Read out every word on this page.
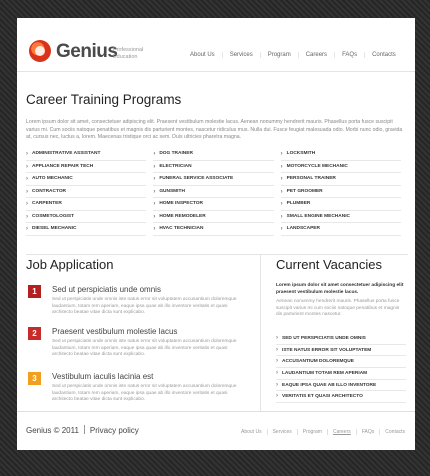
Genius
Professional Education	About Us	Services	Program	Careers	FAQs	Contacts
Career Training Programs

Lorem ipsum dolor sit amet, consectetuer adipiscing elit. Praesent vestibulum molestie lacus. Aenean nonummy hendrerit mauris. Phasellus porta fusce suscipit varius mi. Cum sociis natoque penatibus et magnis dis parturient montes, nascetur ridiculus mus. Nulla dui. Fusce feugiat malesuada odio. Morbi nunc odio, gravida at, cursus nec, luctus a, lorem. Maecenas tristique orci ac sem. Duis ultricies pharetra magna.

› ADMINISTRATIVE ASSISTANT
› APPLIANCE REPAIR TECH
› AUTO MECHANIC
› CONTRACTOR
› CARPENTER
› COSMETOLOGIST
› DIESEL MECHANIC
› DOG TRAINER
› ELECTRICIAN
› FUNERAL SERVICE ASSOCIATE
› GUNSMITH
› HOME INSPECTOR
› HOME REMODELER
› HVAC TECHNICIAN
› LOCKSMITH
› MOTORCYCLE MECHANIC
› PERSONAL TRAINER
› PET GROOMER
› PLUMBER
› SMALL ENGINE MECHANIC
› LANDSCAPER
Job Application
1	Sed ut perspiciatis unde omnis
Sed ut perspiciatis unde omnis iste natus error sit voluptatem accusantium doloremque laudantium, totam rem aperiam, eaque ipsa quae ab illo inventore veritatis et quasi architecto beatae vitae dicta sunt explicabo.
2	Praesent vestibulum molestie lacus
Sed ut perspiciatis unde omnis iste natus error sit voluptatem accusantium doloremque laudantium, totam rem aperiam, eaque ipsa quae ab illo inventore veritatis et quasi architecto beatae vitae dicta sunt explicabo.
3	Vestibulum iaculis lacinia est
Sed ut perspiciatis unde omnis iste natus error sit voluptatem accusantium doloremque laudantium, totam rem aperiam, eaque ipsa quae ab illo inventore veritatis et quasi architecto beatae vitae dicta sunt explicabo.
Current Vacancies

Lorem ipsum dolor sit amet consectetuer adipiscing elit praesent vestibulum molestie lacus.

Aenean nonummy hendrerit mauris. Phasellus porta fusce suscipit varius mi cum sociis natoque penatibus et magnis dis parturient montes nascetur.

› SED UT PERSPICIATIS UNDE OMNIS
› ISTE NATUS ERROR SIT VOLUPTATEM
› ACCUSANTIUM DOLOREMQUE
› LAUDANTIUM TOTAM REM APERIAM
› EAQUE IPSA QUAE AB ILLO INVENTORE
› VERITATIS ET QUASI ARCHITECTO
Genius © 2011 Privacy policy	About Us	Services	Program	Careers	FAQs	Contacts
